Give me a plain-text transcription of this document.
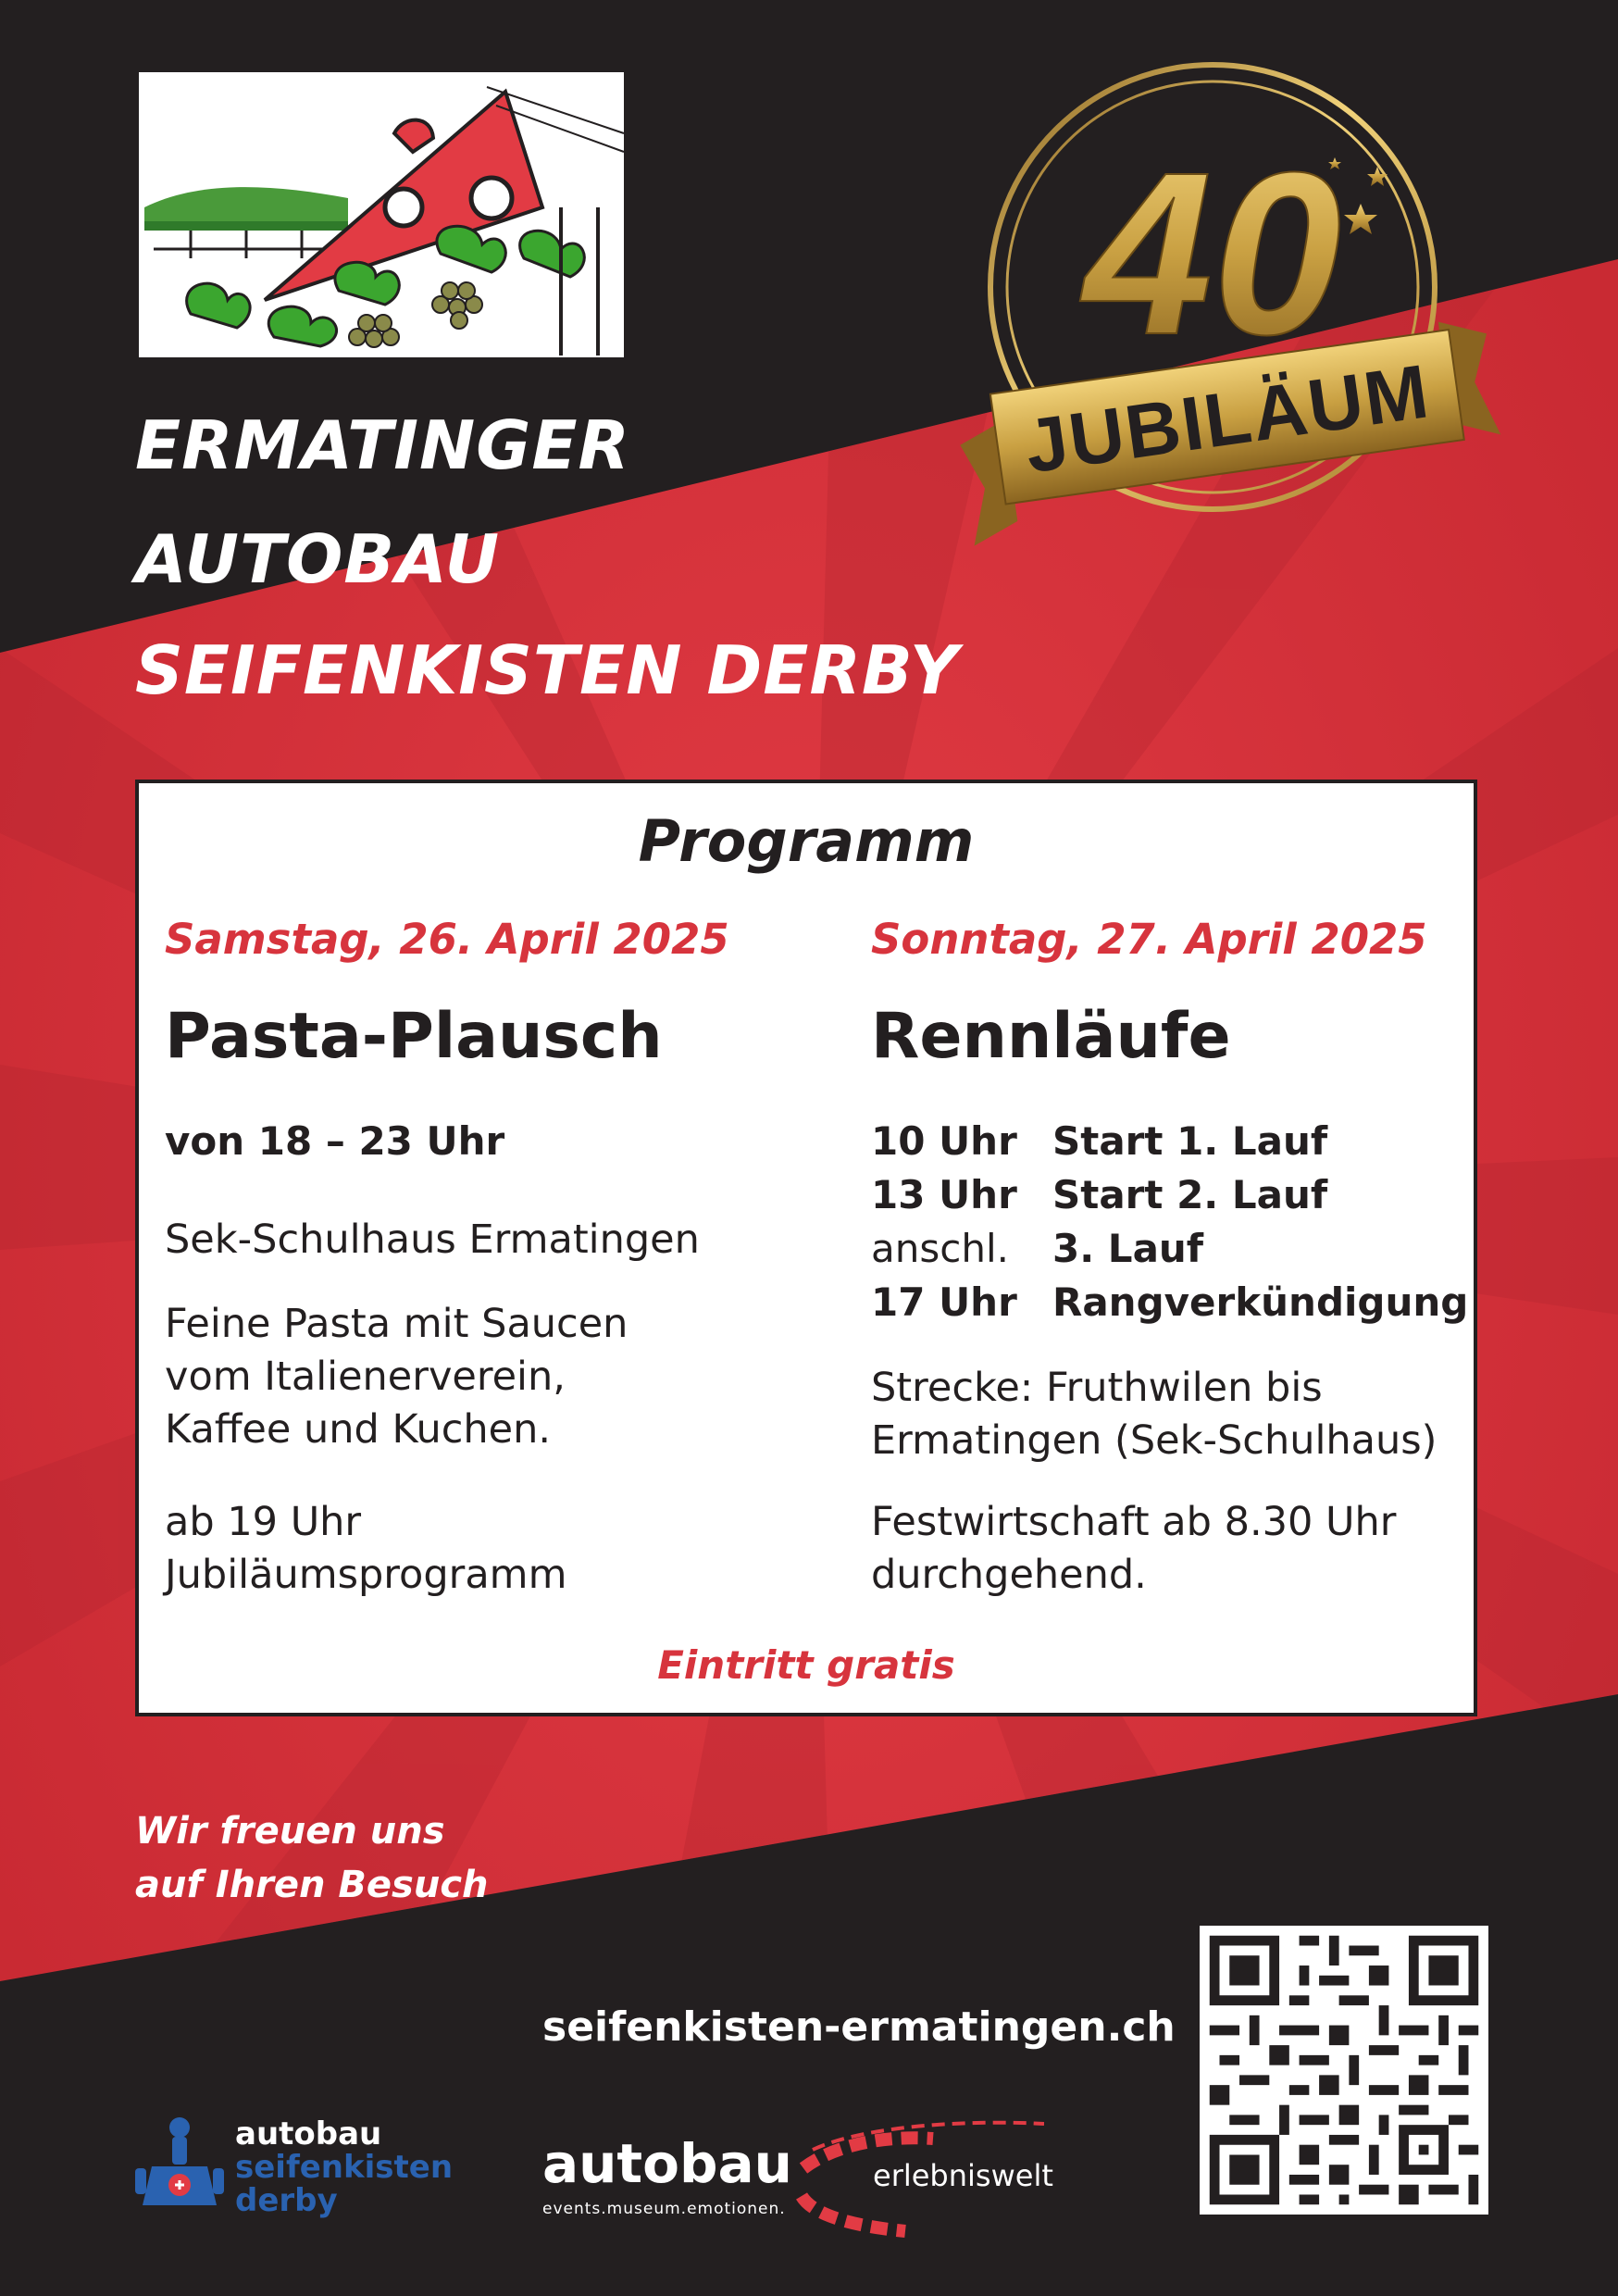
ERMATINGER
AUTOBAU
SEIFENKISTEN DERBY
40
JUBILÄUM
Programm
Samstag, 26. April 2025
Pasta-Plausch
von 18 – 23 Uhr
Sek-Schulhaus Ermatingen
Feine Pasta mit Saucen
vom Italienerverein,
Kaffee und Kuchen.
ab 19 Uhr
Jubiläumsprogramm
Sonntag, 27. April 2025
Rennläufe
10 Uhr Start 1. Lauf
13 Uhr Start 2. Lauf
anschl. 3. Lauf
17 Uhr Rangverkündigung
Strecke: Fruthwilen bis
Ermatingen (Sek-Schulhaus)
Festwirtschaft ab 8.30 Uhr
durchgehend.
Eintritt gratis
Wir freuen uns
auf Ihren Besuch
seifenkisten-ermatingen.ch
autobau
seifenkisten
derby
autobau
events.museum.emotionen.
erlebniswelt
